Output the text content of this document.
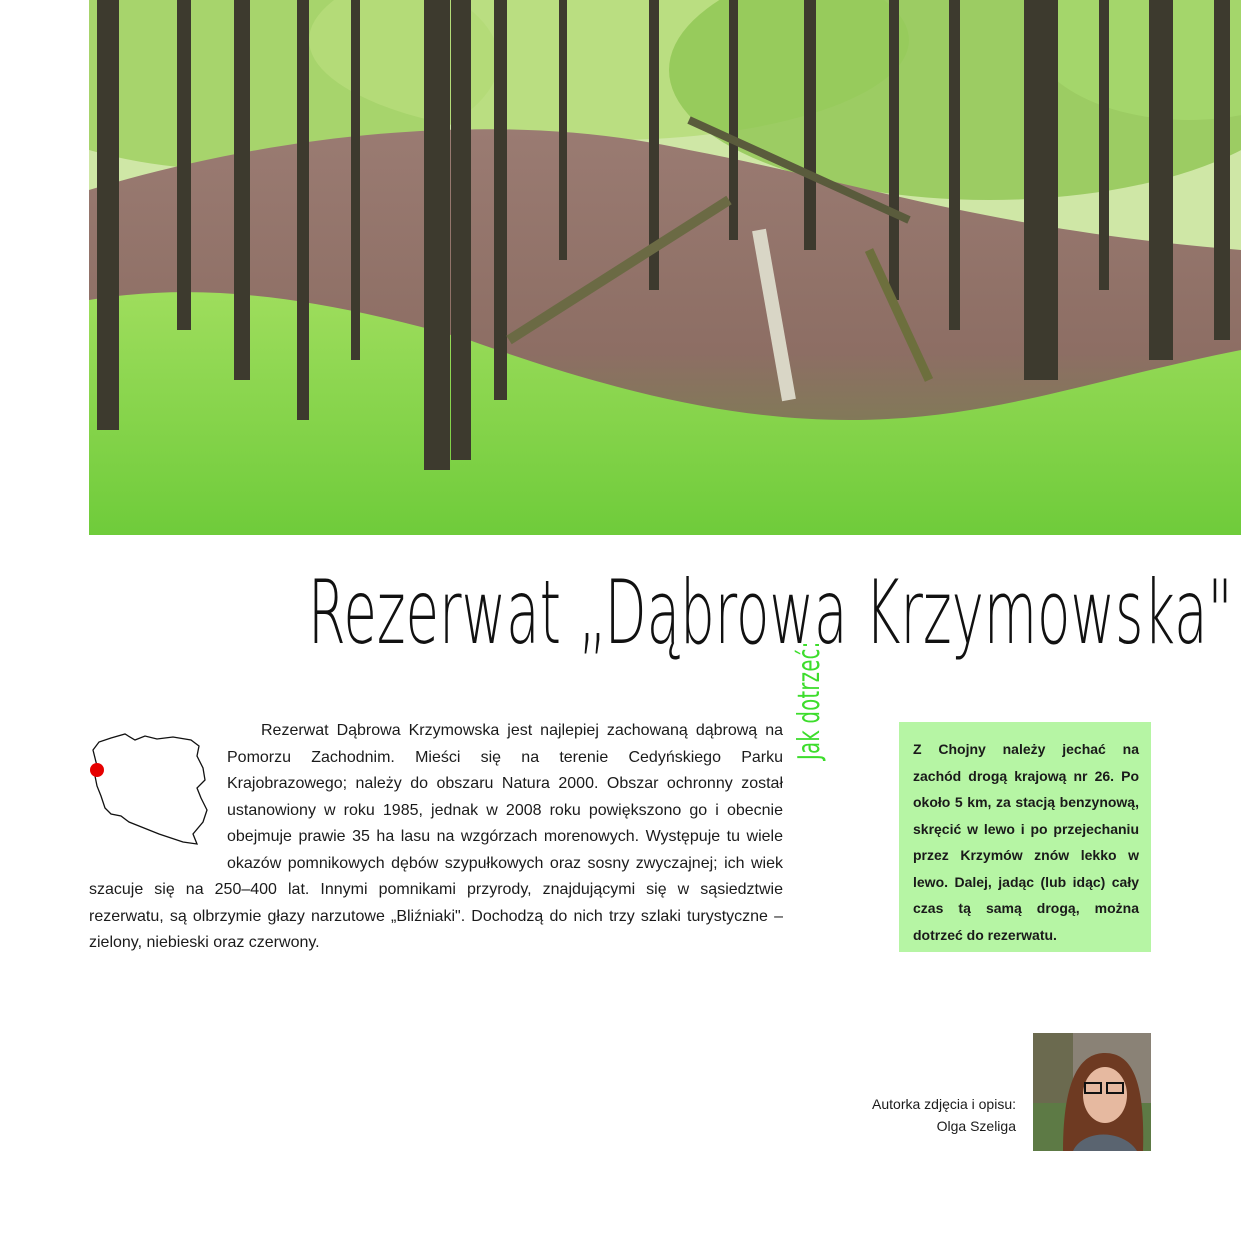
Rezerwat „Dąbrowa Krzymowska"

Rezerwat Dąbrowa Krzymowska jest najlepiej zachowaną dąbrową na Pomorzu Zachodnim. Mieści się na terenie Cedyńskiego Parku Krajobrazowego; należy do obszaru Natura 2000. Obszar ochronny został ustanowiony w roku 1985, jednak w 2008 roku powiększono go i obecnie obejmuje prawie 35 ha lasu na wzgórzach morenowych. Występuje tu wiele okazów pomnikowych dębów szypułkowych oraz sosny zwyczajnej; ich wiek szacuje się na 250–400 lat. Innymi pomnikami przyrody, znajdującymi się w sąsiedztwie rezerwatu, są olbrzymie głazy narzutowe „Bliźniaki". Dochodzą do nich trzy szlaki turystyczne – zielony, niebieski oraz czerwony.

Jak dotrzeć:	Z Chojny należy jechać na zachód drogą krajową nr 26. Po około 5 km, za stacją benzynową, skręcić w lewo i po przejechaniu przez Krzymów znów lekko w lewo. Dalej, jadąc (lub idąc) cały czas tą samą drogą, można dotrzeć do rezerwatu.
Autorka zdjęcia i opisu:
Olga Szeliga
